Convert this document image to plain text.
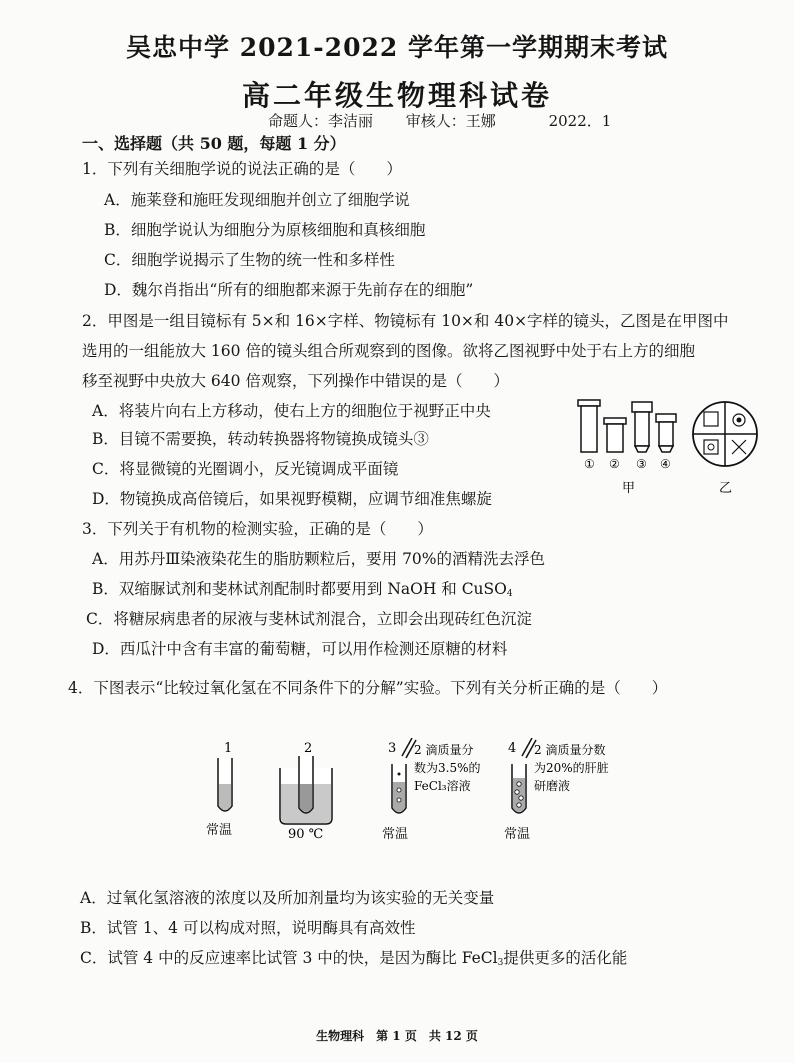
吴忠中学 2021-2022 学年第一学期期末考试
高二年级生物理科试卷
命题人：李洁丽 审核人：王娜	2022．1
一、选择题（共 50 题，每题 1 分）
1．下列有关细胞学说的说法正确的是（　　）
A．施莱登和施旺发现细胞并创立了细胞学说
B．细胞学说认为细胞分为原核细胞和真核细胞
C．细胞学说揭示了生物的统一性和多样性
D．魏尔肖指出“所有的细胞都来源于先前存在的细胞”
2．甲图是一组目镜标有 5×和 16×字样、物镜标有 10×和 40×字样的镜头，乙图是在甲图中
选用的一组能放大 160 倍的镜头组合所观察到的图像。欲将乙图视野中处于右上方的细胞
移至视野中央放大 640 倍观察，下列操作中错误的是（　　）
A．将装片向右上方移动，使右上方的细胞位于视野正中央
B．目镜不需要换，转动转换器将物镜换成镜头③
C．将显微镜的光圈调小，反光镜调成平面镜
D．物镜换成高倍镜后，如果视野模糊，应调节细准焦螺旋
① ② ③ ④
甲	乙
3．下列关于有机物的检测实验，正确的是（　　）
A．用苏丹Ⅲ染液染花生的脂肪颗粒后，要用 70%的酒精洗去浮色
B．双缩脲试剂和斐林试剂配制时都要用到 NaOH 和 CuSO$_4$
C．将糖尿病患者的尿液与斐林试剂混合，立即会出现砖红色沉淀
D．西瓜汁中含有丰富的葡萄糖，可以用作检测还原糖的材料
4．下图表示“比较过氧化氢在不同条件下的分解”实验。下列有关分析正确的是（　　）
1
常温
2
90 ℃
3
常温
2 滴质量分
数为3.5%的
FeCl₃溶液
4
常温
2 滴质量分数
为20%的肝脏
研磨液
A．过氧化氢溶液的浓度以及所加剂量均为该实验的无关变量
B．试管 1、4 可以构成对照，说明酶具有高效性
C．试管 4 中的反应速率比试管 3 中的快，是因为酶比 FeCl$_3$提供更多的活化能
生物理科　第 1 页　共 12 页
